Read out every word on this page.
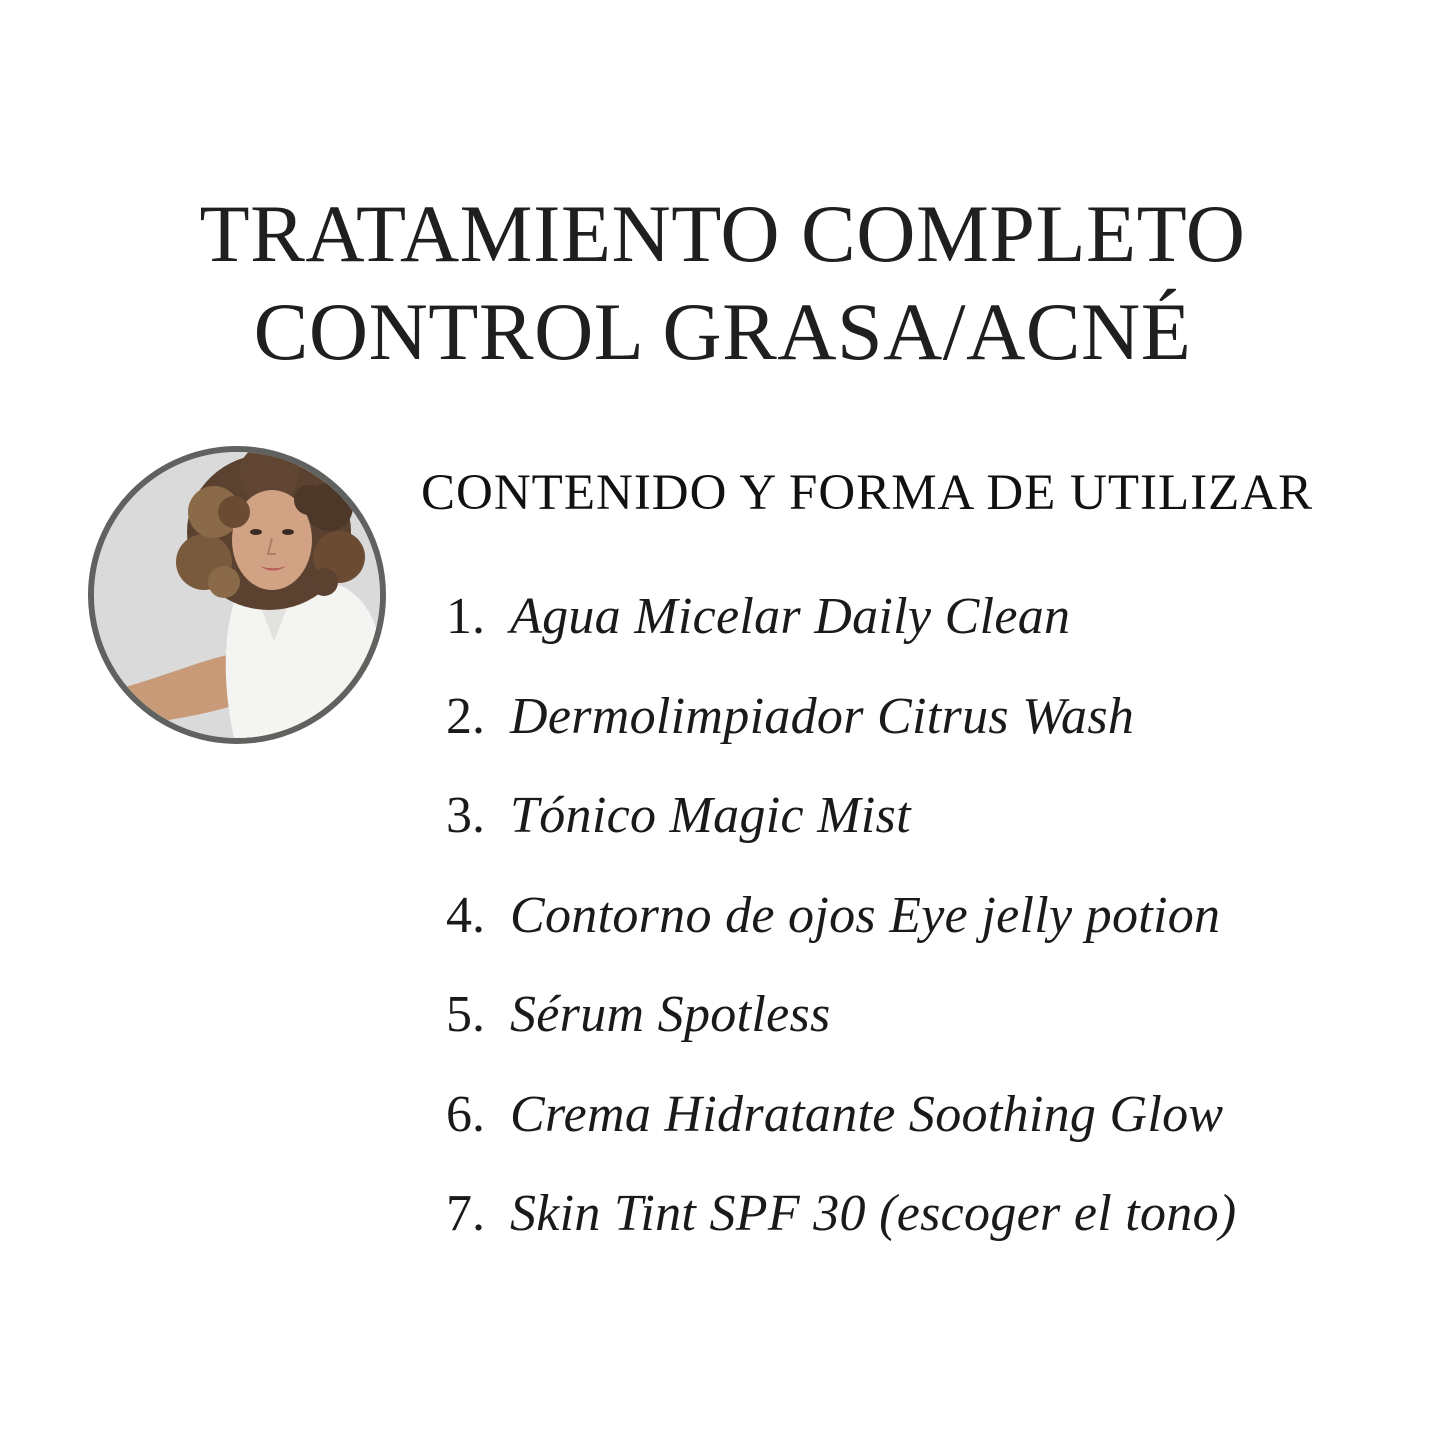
TRATAMIENTO COMPLETO
CONTROL GRASA/ACNÉ
CONTENIDO Y FORMA DE UTILIZAR
1. Agua Micelar Daily Clean
2. Dermolimpiador Citrus Wash
3. Tónico Magic Mist
4. Contorno de ojos Eye jelly potion
5. Sérum Spotless
6. Crema Hidratante Soothing Glow
7. Skin Tint SPF 30 (escoger el tono)
